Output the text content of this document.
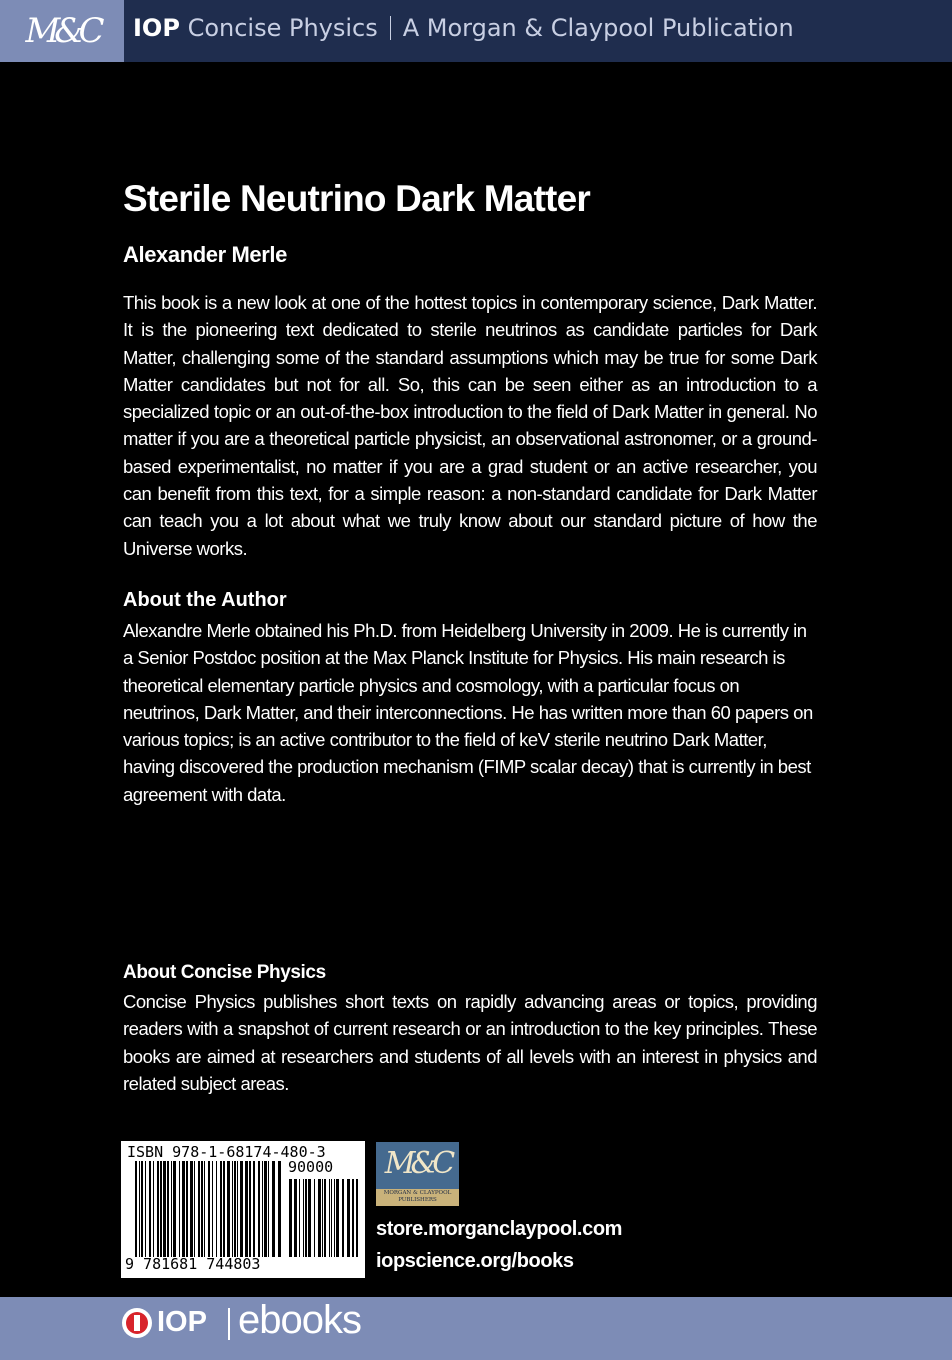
M&C IOP Concise Physics A Morgan & Claypool Publication
Sterile Neutrino Dark Matter
Alexander Merle
This book is a new look at one of the hottest topics in contemporary science, Dark Matter. It is the pioneering text dedicated to sterile neutrinos as candidate particles for Dark Matter, challenging some of the standard assumptions which may be true for some Dark Matter candidates but not for all. So, this can be seen either as an introduction to a specialized topic or an out-of-the-box introduction to the field of Dark Matter in general. No matter if you are a theoretical particle physicist, an observational astronomer, or a ground-based experimentalist, no matter if you are a grad student or an active researcher, you can benefit from this text, for a simple reason: a non-standard candidate for Dark Matter can teach you a lot about what we truly know about our standard picture of how the Universe works.
About the Author
Alexandre Merle obtained his Ph.D. from Heidelberg University in 2009. He is currently in a Senior Postdoc position at the Max Planck Institute for Physics. His main research is theoretical elementary particle physics and cosmology, with a particular focus on neutrinos, Dark Matter, and their interconnections. He has written more than 60 papers on various topics; is an active contributor to the field of keV sterile neutrino Dark Matter, having discovered the production mechanism (FIMP scalar decay) that is currently in best agreement with data.
About Concise Physics
Concise Physics publishes short texts on rapidly advancing areas or topics, providing readers with a snapshot of current research or an introduction to the key principles. These books are aimed at researchers and students of all levels with an interest in physics and related subject areas.
ISBN 978-1-68174-480-3
90000
9 781681 744803
M&C
MORGAN & CLAYPOOL
PUBLISHERS
store.morganclaypool.com
iopscience.org/books
IOP ebooks
